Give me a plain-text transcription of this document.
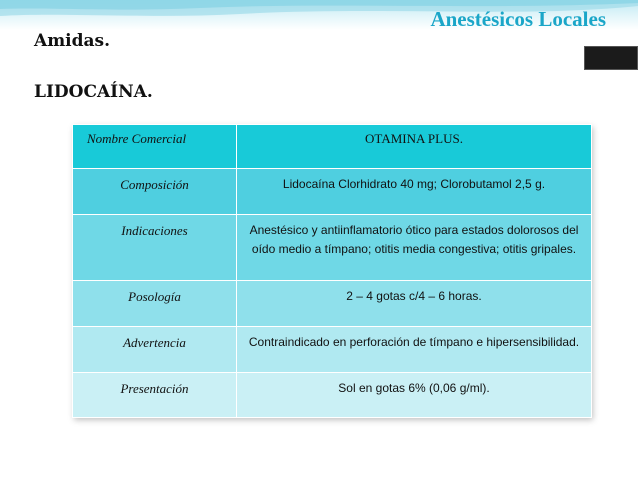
Anestésicos Locales
Amidas.
LIDOCAÍNA.
Nombre Comercial	OTAMINA PLUS.
Composición	Lidocaína Clorhidrato 40 mg; Clorobutamol 2,5 g.
Indicaciones	Anestésico y antiinflamatorio ótico para estados dolorosos del oído medio a tímpano; otitis media congestiva; otitis gripales.
Posología	2 – 4 gotas c/4 – 6 horas.
Advertencia	Contraindicado en perforación de tímpano e hipersensibilidad.
Presentación	Sol en gotas 6% (0,06 g/ml).
